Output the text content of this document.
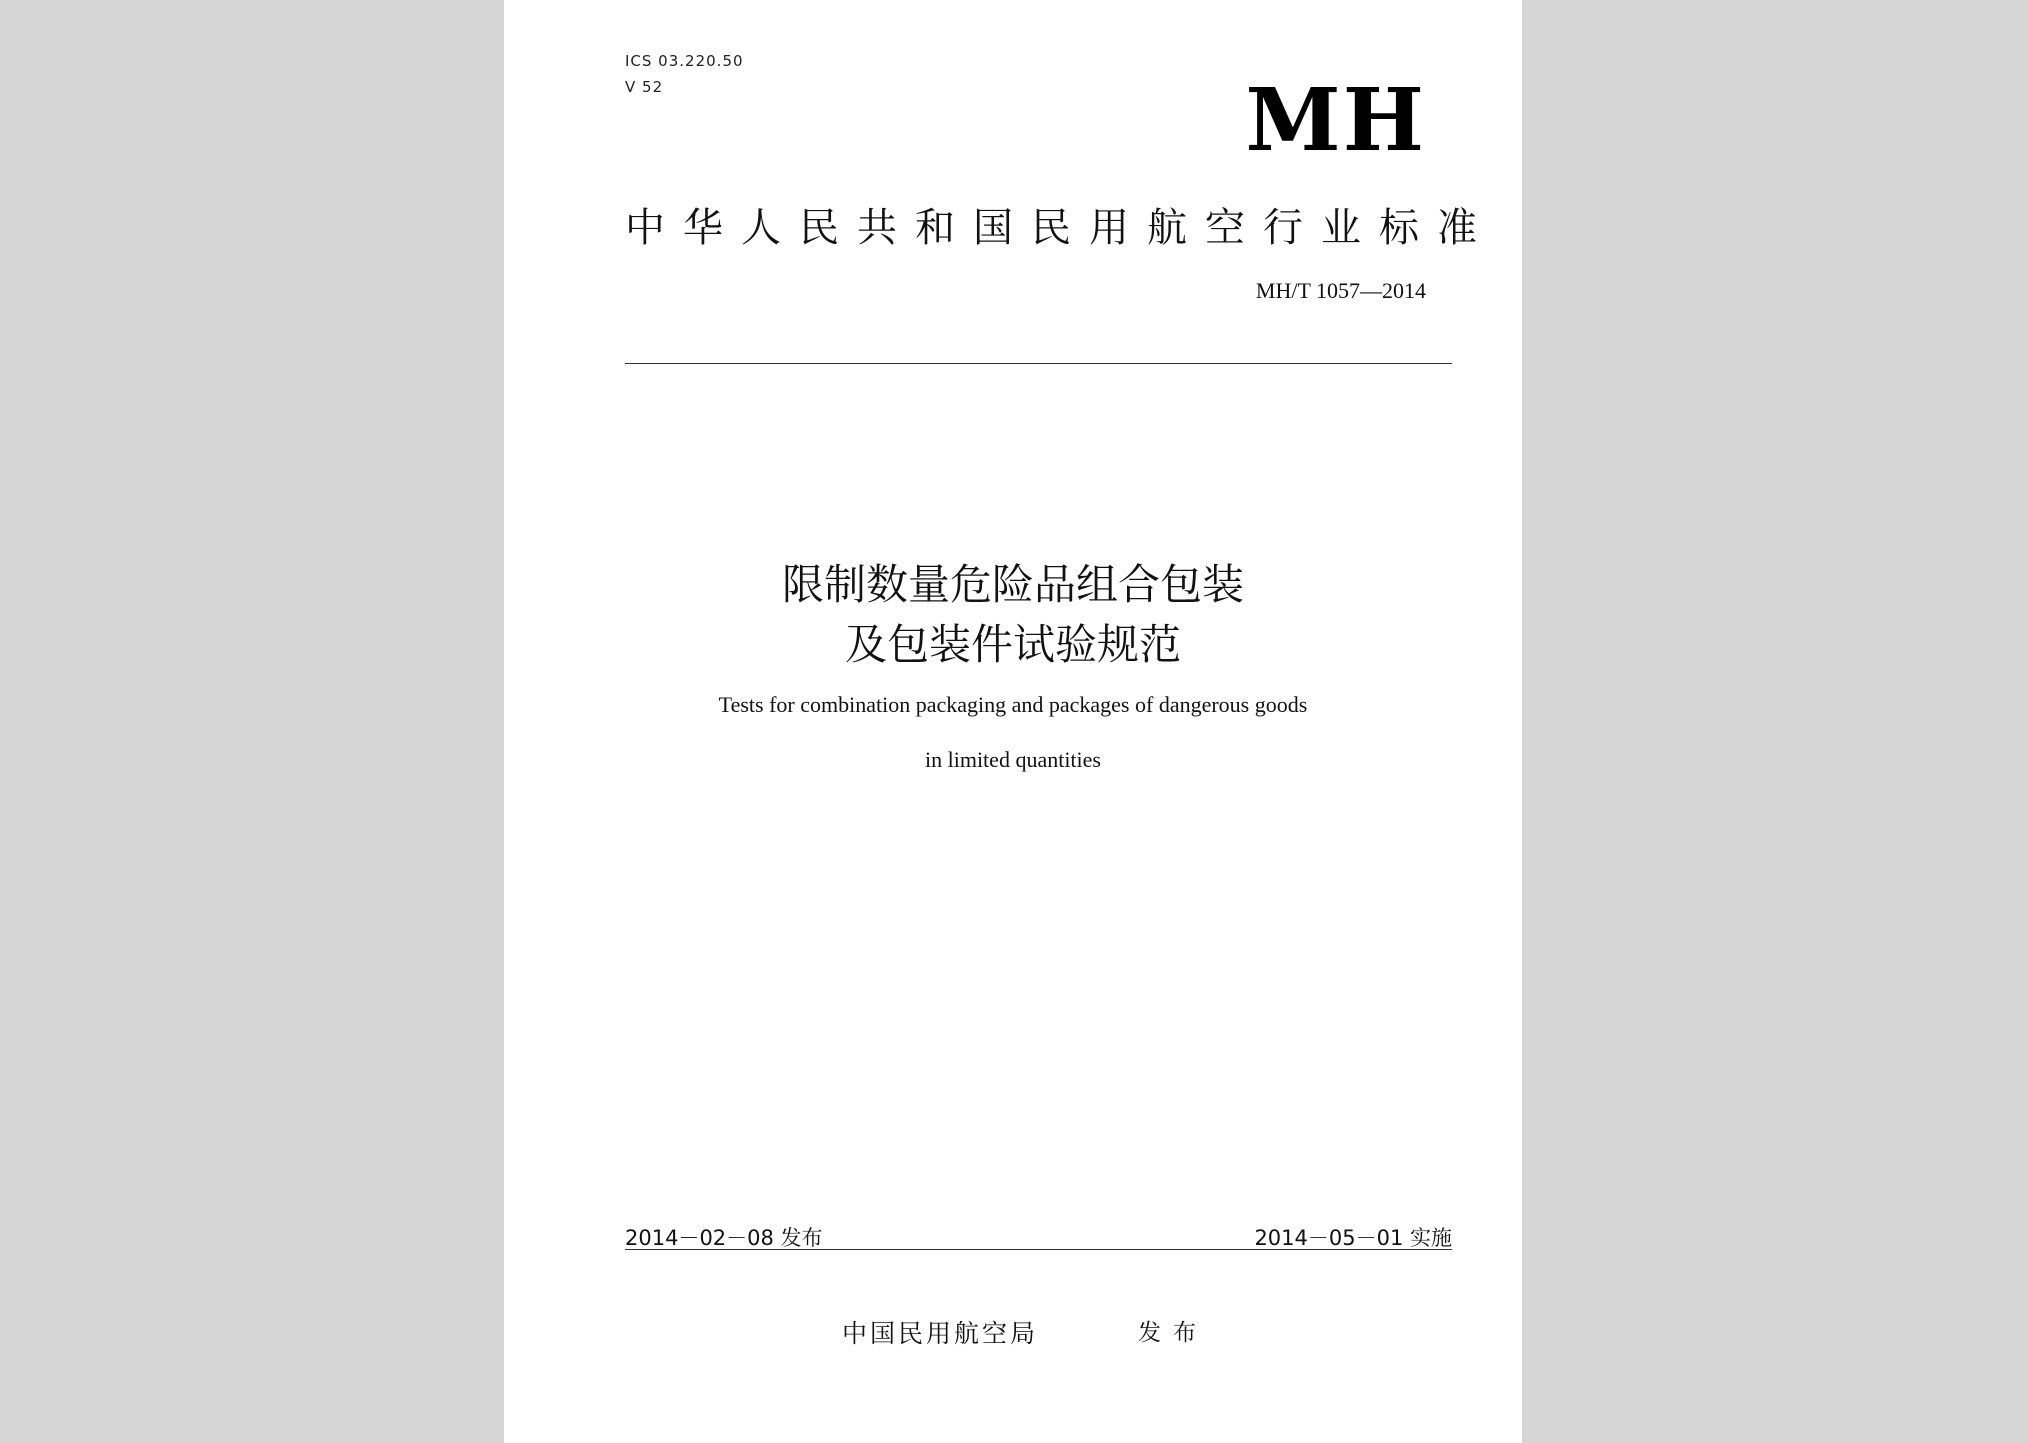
ICS 03.220.50
V 52	MH
中华人民共和国民用航空行业标准
MH/T 1057—2014
限制数量危险品组合包装
及包装件试验规范
Tests for combination packaging and packages of dangerous goods
in limited quantities
2014－02－08 发布	2014－05－01 实施
中国民用航空局	发布
